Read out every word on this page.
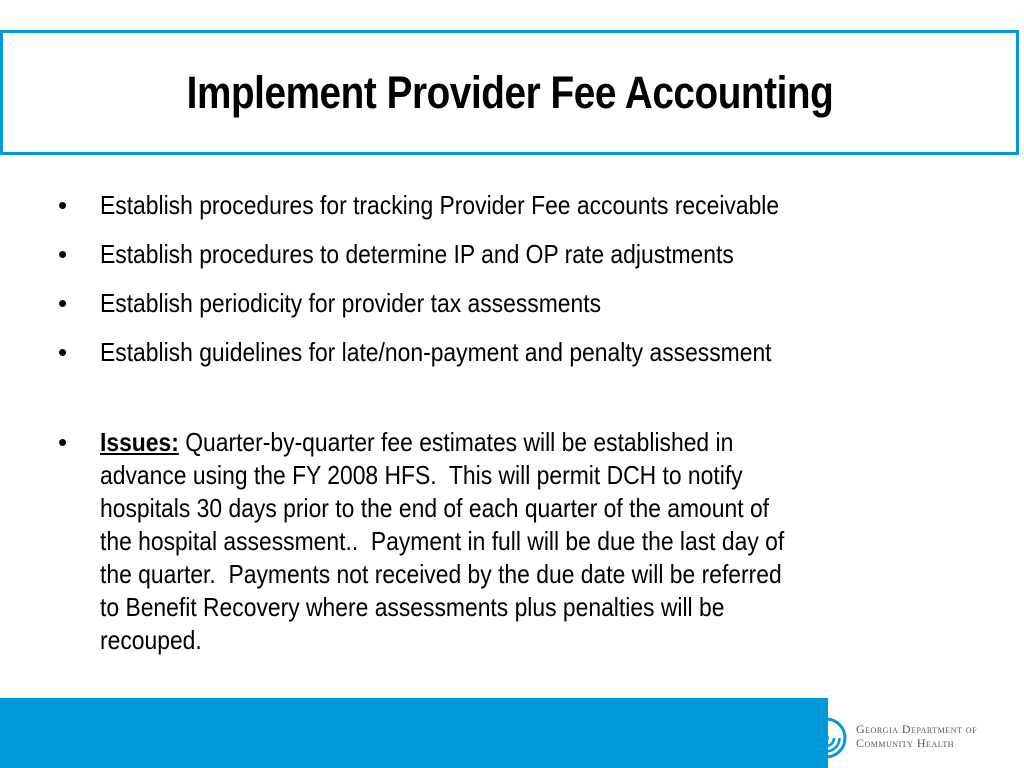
Implement Provider Fee Accounting
• Establish procedures for tracking Provider Fee accounts receivable
• Establish procedures to determine IP and OP rate adjustments
• Establish periodicity for provider tax assessments
• Establish guidelines for late/non-payment and penalty assessment
• Issues: Quarter-by-quarter fee estimates will be established in
advance using the FY 2008 HFS.  This will permit DCH to notify
hospitals 30 days prior to the end of each quarter of the amount of
the hospital assessment..  Payment in full will be due the last day of
the quarter.  Payments not received by the due date will be referred
to Benefit Recovery where assessments plus penalties will be
recouped.
Georgia Department of
Community Health
